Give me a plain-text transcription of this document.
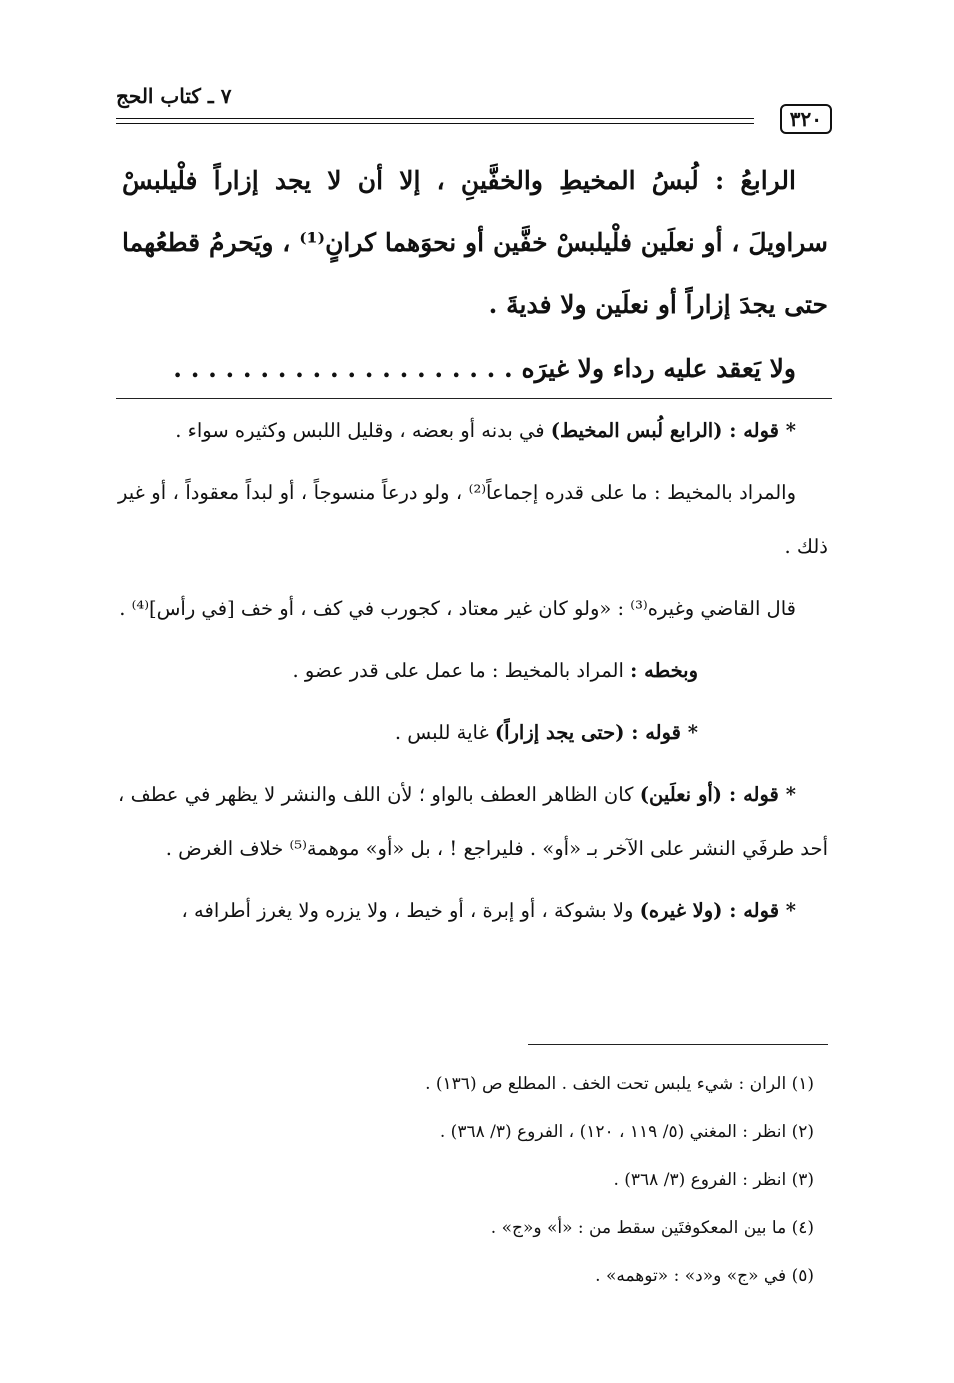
٣٢٠
٧ ـ كتاب الحج

الرابعُ : لُبسُ المخيطِ والخفَّينِ ، إلا أن لا يجد إزاراً فلْيلبسْ سراويلَ ، أو نعلَين فلْيلبسْ خفَّين أو نحوَهما كرانٍ⁽¹⁾ ، ويَحرمُ قطعُهما حتى يجدَ إزاراً أو نعلَين ولا فديةَ .

ولا يَعقد عليه رداء ولا غيرَه . . . . . . . . . . . . . . . . . . . .

* قوله : (الرابع لُبس المخيط) في بدنه أو بعضه ، وقليل اللبس وكثيره سواء .

والمراد بالمخيط : ما على قدره إجماعاً⁽²⁾ ، ولو درعاً منسوجاً ، أو لبداً معقوداً ، أو غير ذلك .

قال القاضي وغيره⁽³⁾ : «ولو كان غير معتاد ، كجورب في كف ، أو خف [في رأس]⁽⁴⁾ .

وبخطه : المراد بالمخيط : ما عمل على قدر عضو .

* قوله : (حتى يجد إزاراً) غاية للبس .

* قوله : (أو نعلَين) كان الظاهر العطف بالواو ؛ لأن اللف والنشر لا يظهر في عطف ، أحد طرفَي النشر على الآخر بـ «أو» . فليراجع ! ، بل «أو» موهمة⁽⁵⁾ خلاف الغرض .

* قوله : (ولا غيره) ولا بشوكة ، أو إبرة ، أو خيط ، ولا يزره ولا يغرز أطرافه ،

(١) الران : شيء يلبس تحت الخف . المطلع ص (١٣٦) .

(٢) انظر : المغني (٥/ ١١٩ ، ١٢٠) ، الفروع (٣/ ٣٦٨) .

(٣) انظر : الفروع (٣/ ٣٦٨) .

(٤) ما بين المعكوفتَين سقط من : «أ» و«ج» .

(٥) في «ج» و«د» : «توهمه» .
